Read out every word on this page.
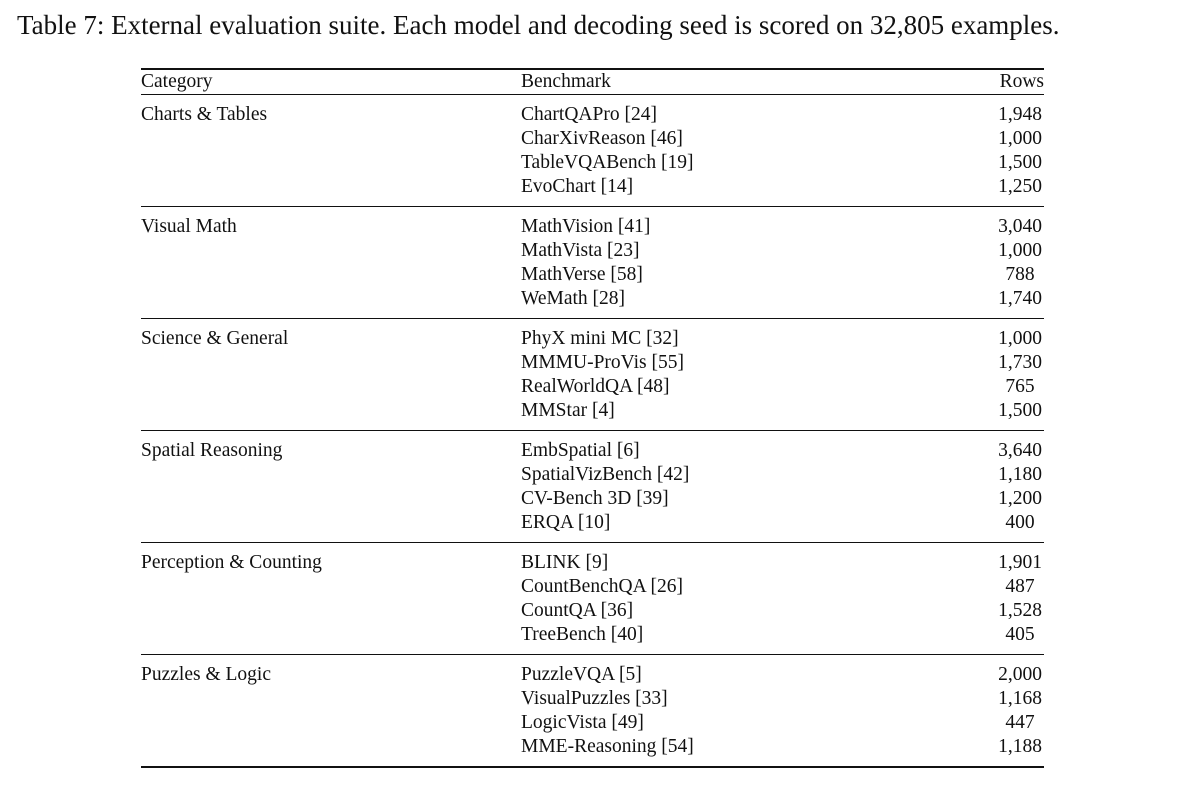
Table 7: External evaluation suite. Each model and decoding seed is scored on 32,805 examples.
Category	Benchmark	Rows
Charts & Tables	ChartQAPro [24]	1,948
	CharXivReason [46]	1,000
	TableVQABench [19]	1,500
	EvoChart [14]	1,250
Visual Math	MathVision [41]	3,040
	MathVista [23]	1,000
	MathVerse [58]	788
	WeMath [28]	1,740
Science & General	PhyX mini MC [32]	1,000
	MMMU-ProVis [55]	1,730
	RealWorldQA [48]	765
	MMStar [4]	1,500
Spatial Reasoning	EmbSpatial [6]	3,640
	SpatialVizBench [42]	1,180
	CV-Bench 3D [39]	1,200
	ERQA [10]	400
Perception & Counting	BLINK [9]	1,901
	CountBenchQA [26]	487
	CountQA [36]	1,528
	TreeBench [40]	405
Puzzles & Logic	PuzzleVQA [5]	2,000
	VisualPuzzles [33]	1,168
	LogicVista [49]	447
	MME-Reasoning [54]	1,188
